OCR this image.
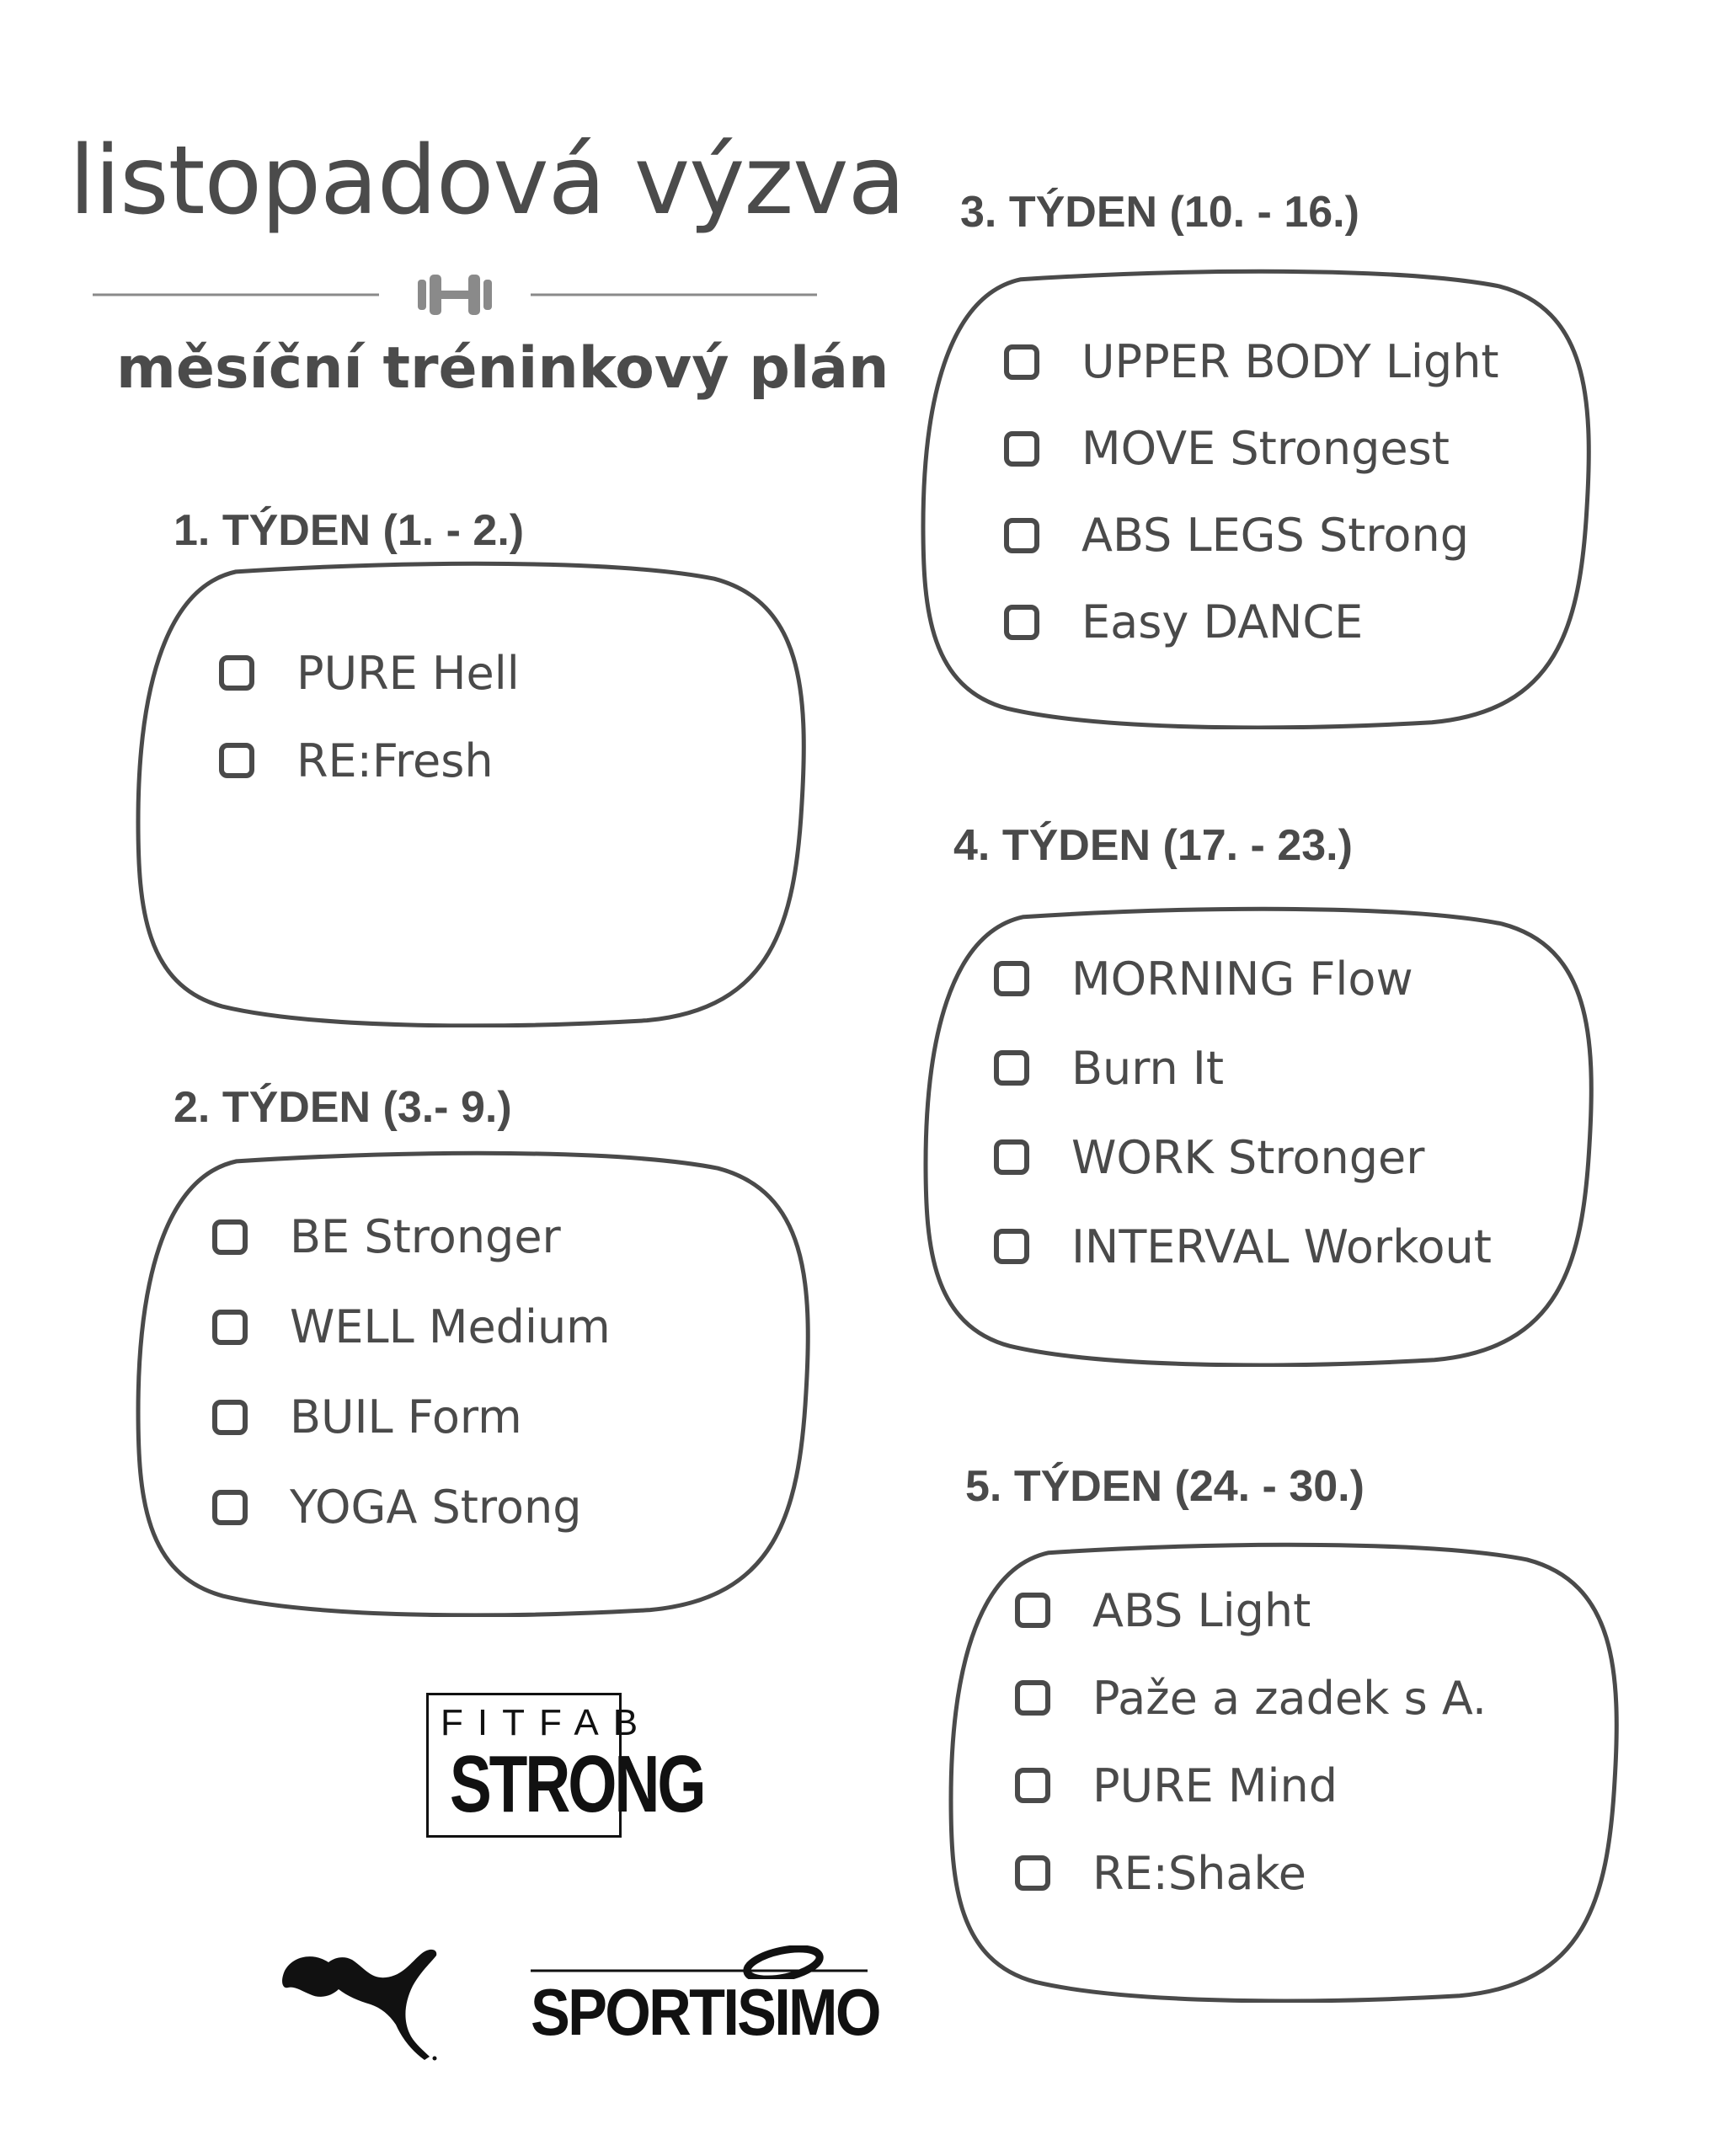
listopadová výzva
měsíční tréninkový plán
1. TÝDEN (1. - 2.)
PURE Hell
RE:Fresh
2. TÝDEN (3.- 9.)
BE Stronger
WELL Medium
BUIL Form
YOGA Strong
3. TÝDEN (10. - 16.)
UPPER BODY Light
MOVE Strongest
ABS LEGS Strong
Easy DANCE
4. TÝDEN (17. - 23.)
MORNING Flow
Burn It
WORK Stronger
INTERVAL Workout
5. TÝDEN (24. - 30.)
ABS Light
Paže a zadek s A.
PURE Mind
RE:Shake
FITFAB
STRONG
SPORTISIMO
